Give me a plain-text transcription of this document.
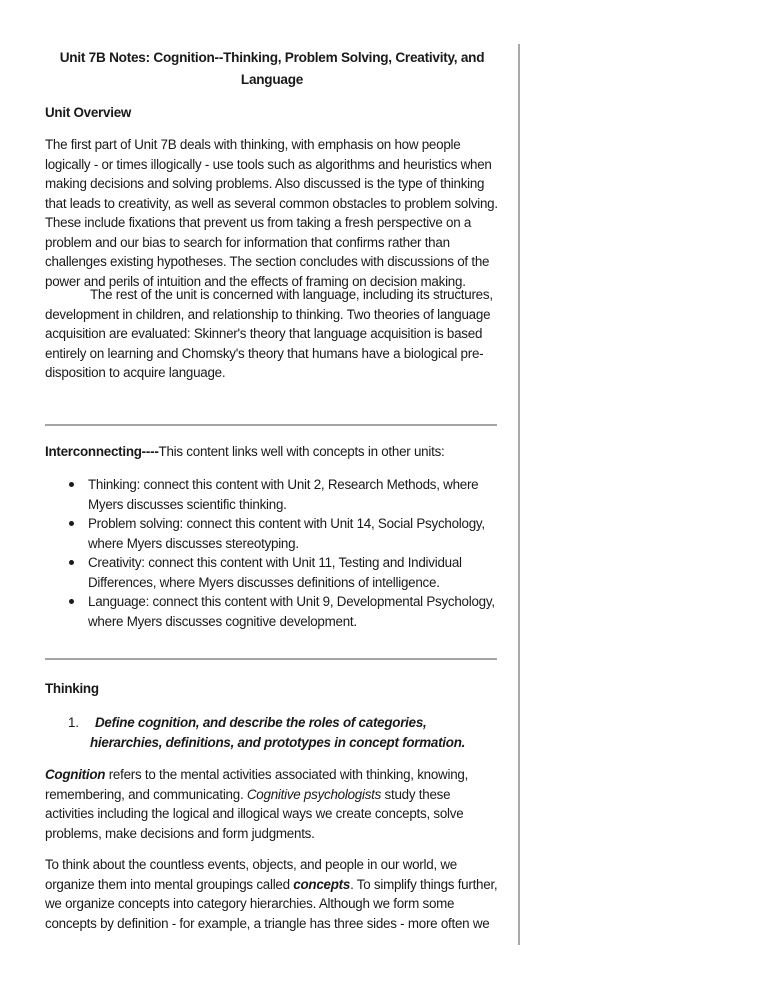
Unit 7B Notes: Cognition--Thinking, Problem Solving, Creativity, and
Language
Unit Overview

The first part of Unit 7B deals with thinking, with emphasis on how people logically - or times illogically - use tools such as algorithms and heuristics when making decisions and solving problems. Also discussed is the type of thinking that leads to creativity, as well as several common obstacles to problem solving. These include fixations that prevent us from taking a fresh perspective on a problem and our bias to search for information that confirms rather than challenges existing hypotheses. The section concludes with discussions of the power and perils of intuition and the effects of framing on decision making.

The rest of the unit is concerned with language, including its structures, development in children, and relationship to thinking. Two theories of language acquisition are evaluated: Skinner's theory that language acquisition is based entirely on learning and Chomsky's theory that humans have a biological pre-disposition to acquire language.

Interconnecting----This content links well with concepts in other units:
Thinking: connect this content with Unit 2, Research Methods, where Myers discusses scientific thinking.
Problem solving: connect this content with Unit 14, Social Psychology, where Myers discusses stereotyping.
Creativity: connect this content with Unit 11, Testing and Individual Differences, where Myers discusses definitions of intelligence.
Language: connect this content with Unit 9, Developmental Psychology, where Myers discusses cognitive development.
Thinking
1. Define cognition, and describe the roles of categories, hierarchies, definitions, and prototypes in concept formation.

Cognition refers to the mental activities associated with thinking, knowing, remembering, and communicating. Cognitive psychologists study these activities including the logical and illogical ways we create concepts, solve problems, make decisions and form judgments.

To think about the countless events, objects, and people in our world, we organize them into mental groupings called concepts. To simplify things further, we organize concepts into category hierarchies. Although we form some concepts by definition - for example, a triangle has three sides - more often we
